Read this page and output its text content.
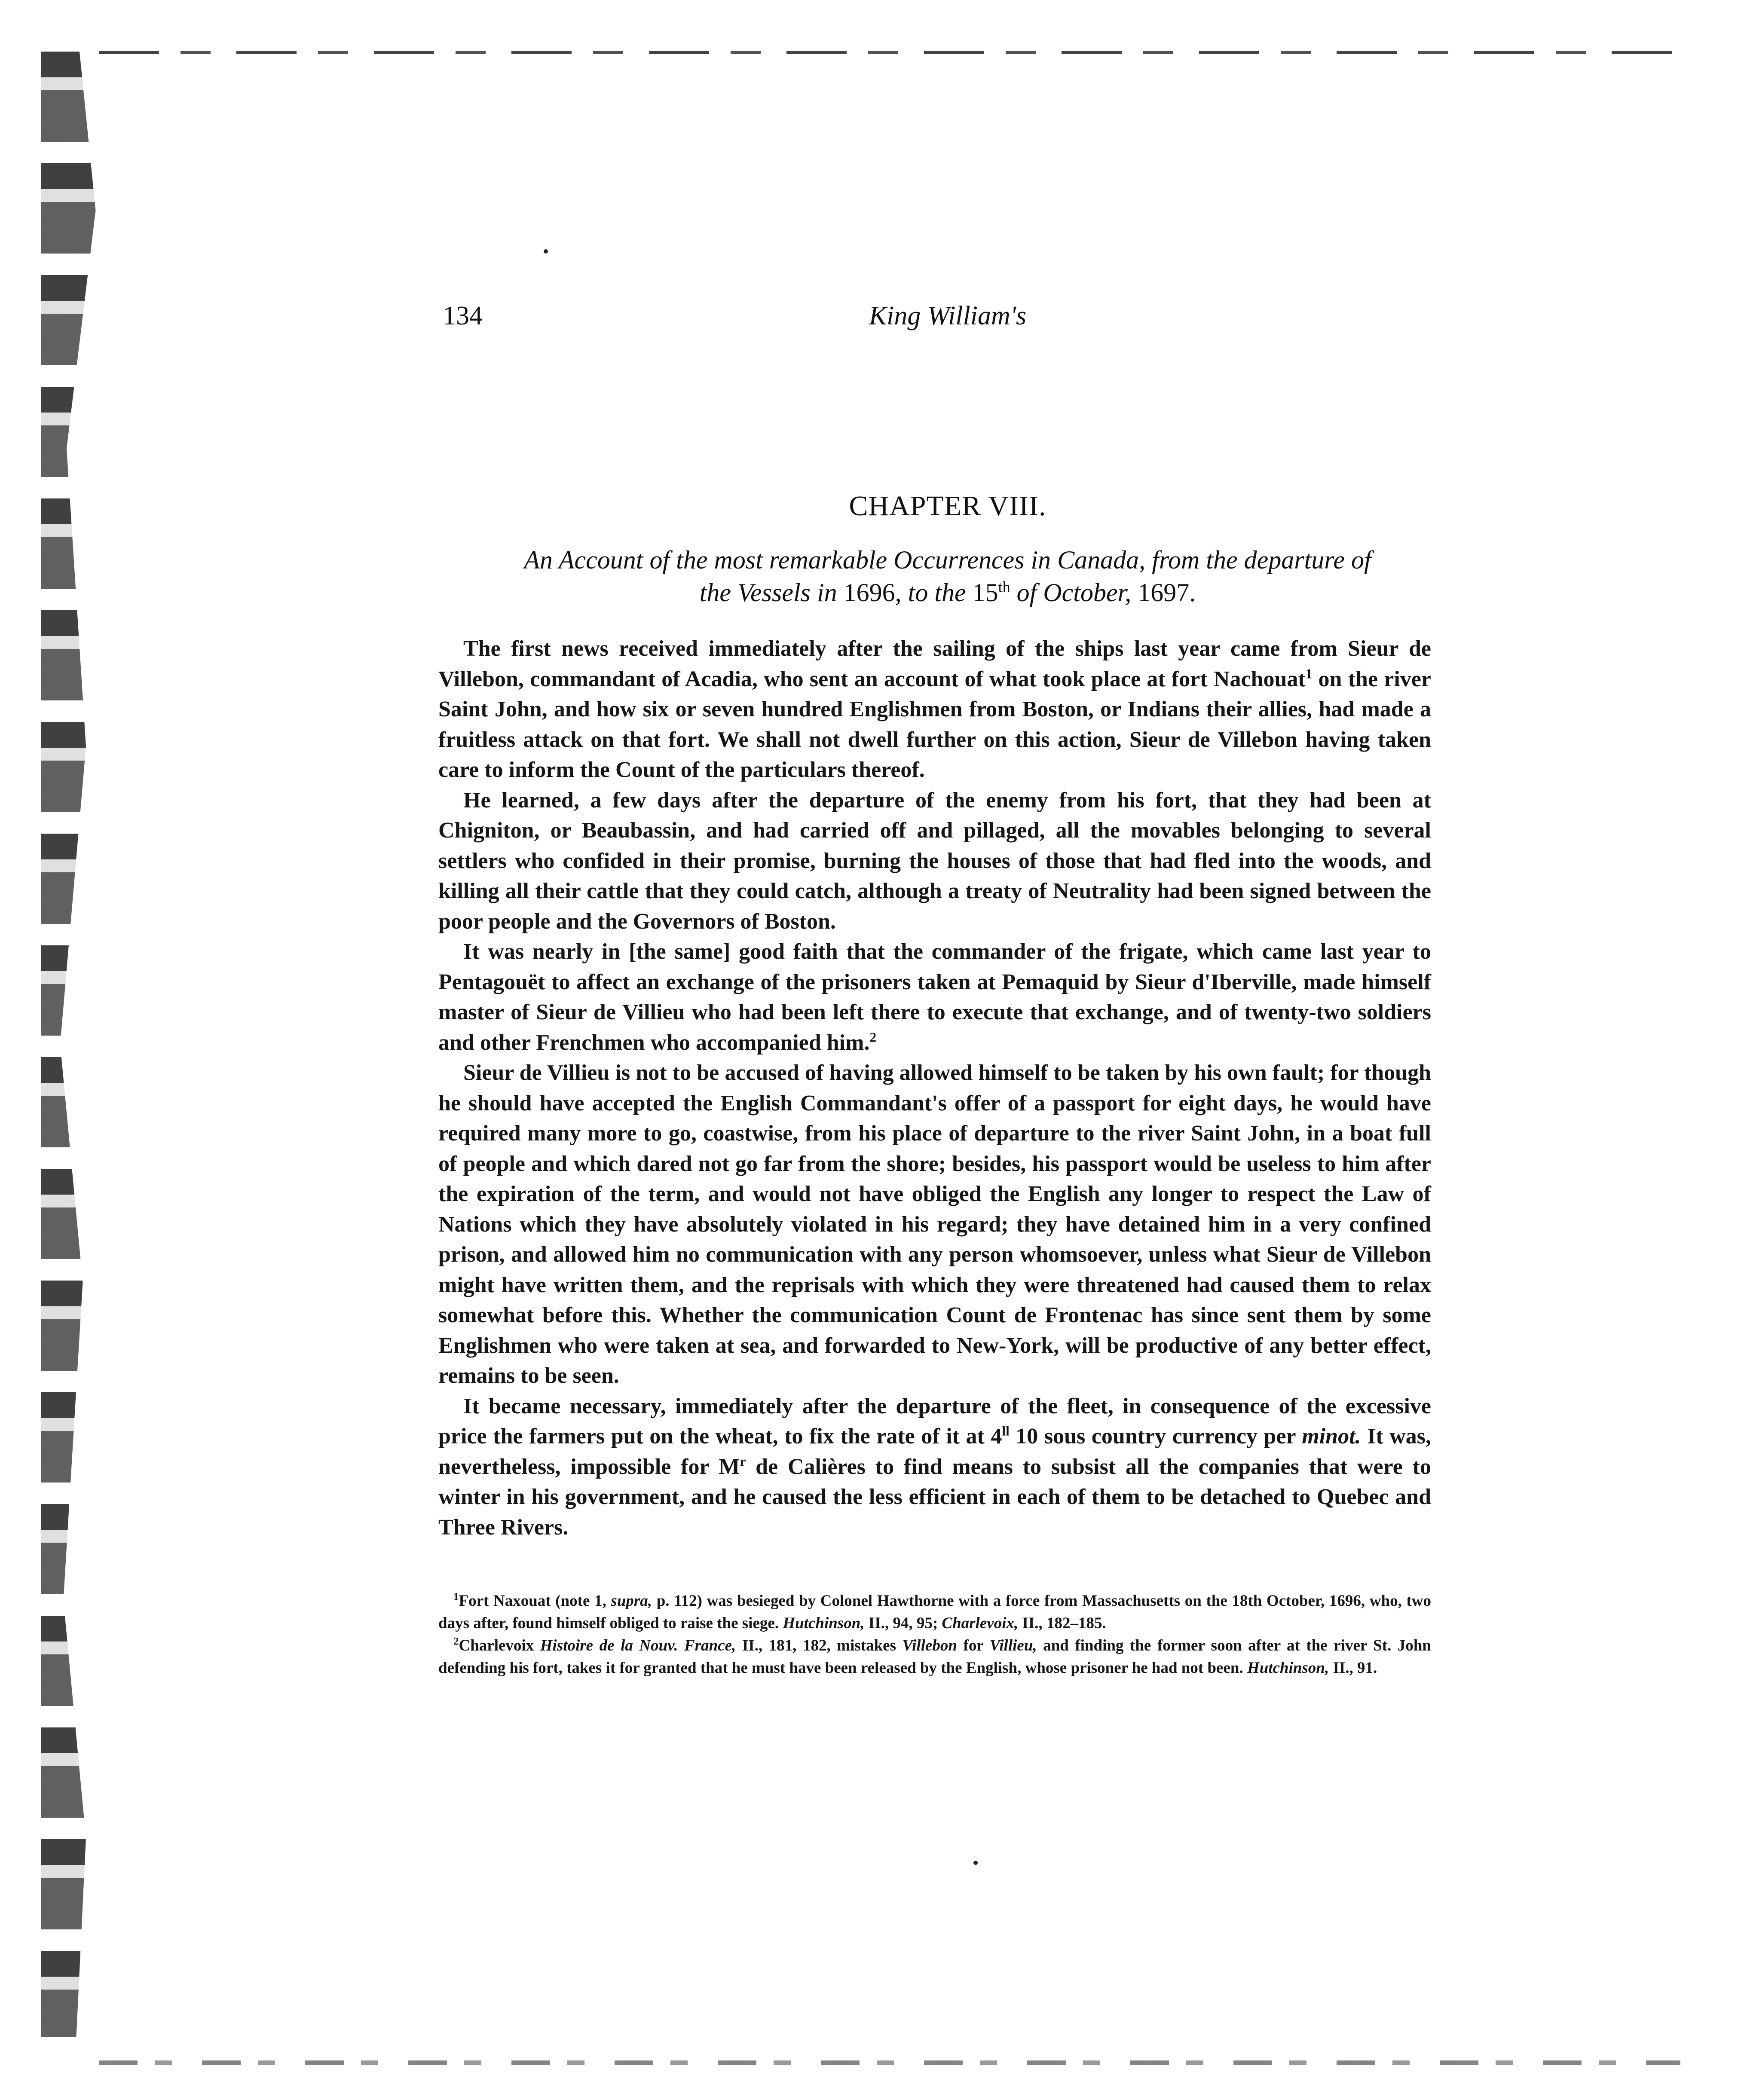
134	King William's
CHAPTER VIII.
An Account of the most remarkable Occurrences in Canada, from the departure of
the Vessels in 1696, to the 15th of October, 1697.

The first news received immediately after the sailing of the ships last year came from Sieur de Villebon, commandant of Acadia, who sent an account of what took place at fort Nachouat$^1$ on the river Saint John, and how six or seven hundred Englishmen from Boston, or Indians their allies, had made a fruitless attack on that fort. We shall not dwell further on this action, Sieur de Villebon having taken care to inform the Count of the particulars thereof.

He learned, a few days after the departure of the enemy from his fort, that they had been at Chigniton, or Beaubassin, and had carried off and pillaged, all the movables belonging to several settlers who confided in their promise, burning the houses of those that had fled into the woods, and killing all their cattle that they could catch, although a treaty of Neutrality had been signed between the poor people and the Governors of Boston.

It was nearly in [the same] good faith that the commander of the frigate, which came last year to Pentagouët to affect an exchange of the prisoners taken at Pemaquid by Sieur d'Iberville, made himself master of Sieur de Villieu who had been left there to execute that exchange, and of twenty-two soldiers and other Frenchmen who accompanied him.$^2$

Sieur de Villieu is not to be accused of having allowed himself to be taken by his own fault; for though he should have accepted the English Commandant's offer of a passport for eight days, he would have required many more to go, coastwise, from his place of departure to the river Saint John, in a boat full of people and which dared not go far from the shore; besides, his passport would be useless to him after the expiration of the term, and would not have obliged the English any longer to respect the Law of Nations which they have absolutely violated in his regard; they have detained him in a very confined prison, and allowed him no communication with any person whomsoever, unless what Sieur de Villebon might have written them, and the reprisals with which they were threatened had caused them to relax somewhat before this. Whether the communication Count de Frontenac has since sent them by some Englishmen who were taken at sea, and forwarded to New-York, will be productive of any better effect, remains to be seen.

It became necessary, immediately after the departure of the fleet, in consequence of the excessive price the farmers put on the wheat, to fix the rate of it at $4^{ll}$ 10 sous country currency per minot. It was, nevertheless, impossible for $M^r$ de Calières to find means to subsist all the companies that were to winter in his government, and he caused the less efficient in each of them to be detached to Quebec and Three Rivers.

$^1$Fort Naxouat (note 1, supra, p. 112) was besieged by Colonel Hawthorne with a force from Massachusetts on the 18th October, 1696, who, two days after, found himself obliged to raise the siege. Hutchinson, II., 94, 95; Charlevoix, II., 182–185.

$^2$Charlevoix Histoire de la Nouv. France, II., 181, 182, mistakes Villebon for Villieu, and finding the former soon after at the river St. John defending his fort, takes it for granted that he must have been released by the English, whose prisoner he had not been. Hutchinson, II., 91.
